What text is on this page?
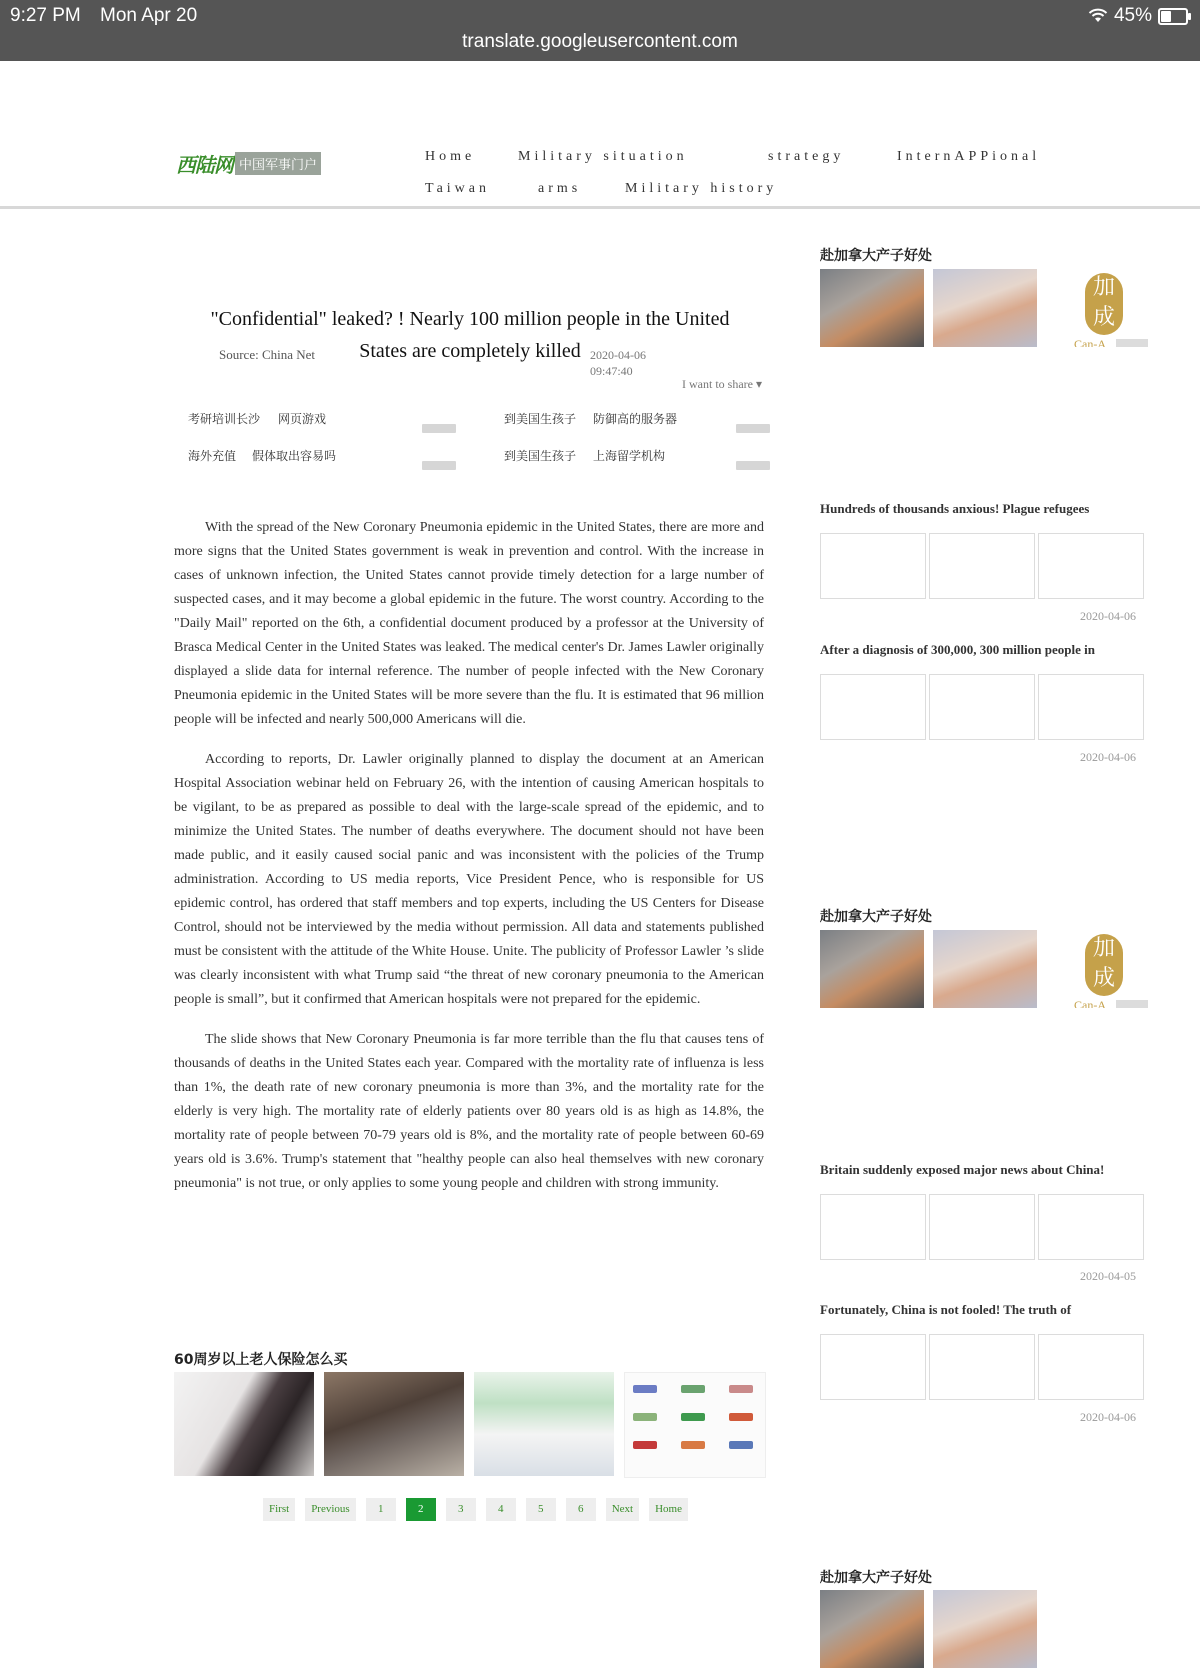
9:27 PM Mon Apr 20
translate.googleusercontent.com
45%
西陆网 中国军事门户
Home	Military situation	strategy	InternAPPional
Taiwan	arms	Military history
"Confidential" leaked? ! Nearly 100 million people in the United States are completely killed
Source: China Net	2020-04-06 09:47:40
I want to share ▾
考研培训长沙 网页游戏	到美国生孩子 防御高的服务器
海外充值 假体取出容易吗	到美国生孩子 上海留学机构

With the spread of the New Coronary Pneumonia epidemic in the United States, there are more and more signs that the United States government is weak in prevention and control. With the increase in cases of unknown infection, the United States cannot provide timely detection for a large number of suspected cases, and it may become a global epidemic in the future. The worst country. According to the "Daily Mail" reported on the 6th, a confidential document produced by a professor at the University of Brasca Medical Center in the United States was leaked. The medical center's Dr. James Lawler originally displayed a slide data for internal reference. The number of people infected with the New Coronary Pneumonia epidemic in the United States will be more severe than the flu. It is estimated that 96 million people will be infected and nearly 500,000 Americans will die.

According to reports, Dr. Lawler originally planned to display the document at an American Hospital Association webinar held on February 26, with the intention of causing American hospitals to be vigilant, to be as prepared as possible to deal with the large-scale spread of the epidemic, and to minimize the United States. The number of deaths everywhere. The document should not have been made public, and it easily caused social panic and was inconsistent with the policies of the Trump administration. According to US media reports, Vice President Pence, who is responsible for US epidemic control, has ordered that staff members and top experts, including the US Centers for Disease Control, should not be interviewed by the media without permission. All data and statements published must be consistent with the attitude of the White House. Unite. The publicity of Professor Lawler ’s slide was clearly inconsistent with what Trump said “the threat of new coronary pneumonia to the American people is small”, but it confirmed that American hospitals were not prepared for the epidemic.

The slide shows that New Coronary Pneumonia is far more terrible than the flu that causes tens of thousands of deaths in the United States each year. Compared with the mortality rate of influenza is less than 1%, the death rate of new coronary pneumonia is more than 3%, and the mortality rate for the elderly is very high. The mortality rate of elderly patients over 80 years old is as high as 14.8%, the mortality rate of people between 70-79 years old is 8%, and the mortality rate of people between 60-69 years old is 3.6%. Trump's statement that "healthy people can also heal themselves with new coronary pneumonia" is not true, or only applies to some young people and children with strong immunity.

60周岁以上老人保险怎么买
First	Previous	1	2	3	4	5	6	Next	Home
赴加拿大产子好处
加
成
Can-A
Hundreds of thousands anxious! Plague refugees
2020-04-06
After a diagnosis of 300,000, 300 million people in
2020-04-06
赴加拿大产子好处
加
成
Can-A
Britain suddenly exposed major news about China!
2020-04-05
Fortunately, China is not fooled! The truth of
2020-04-06
赴加拿大产子好处
